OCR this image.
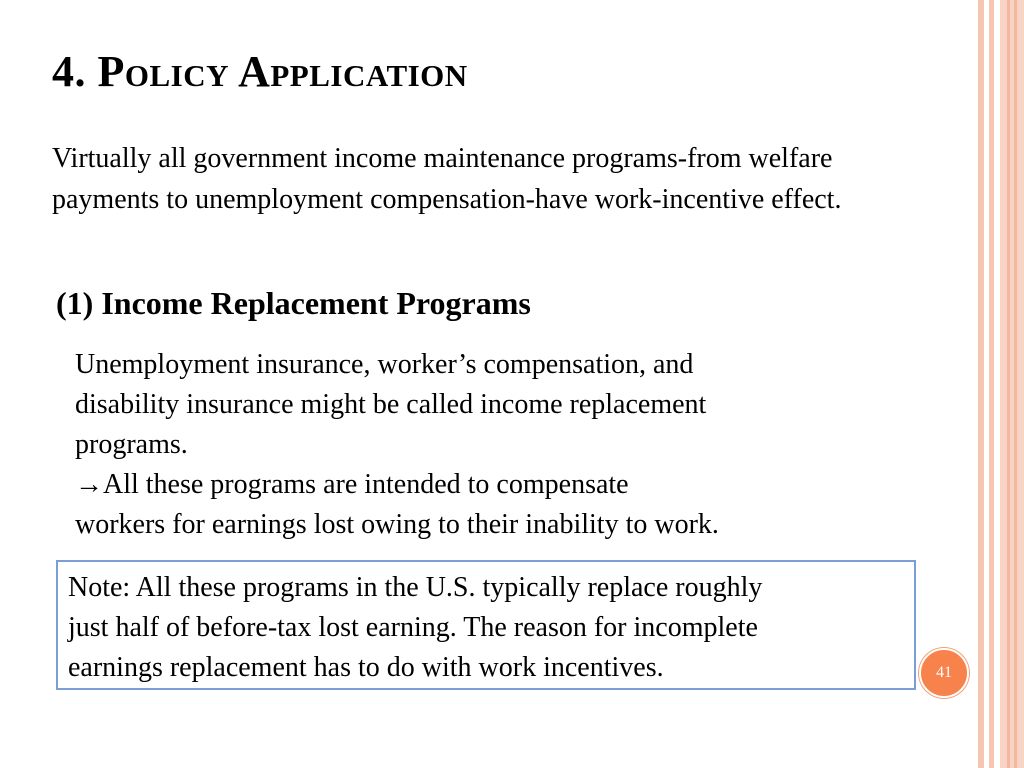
4. Policy Application

Virtually all government income maintenance programs-from welfare payments to unemployment compensation-have work-incentive effect.

(1) Income Replacement Programs
Unemployment insurance, worker’s compensation, and
disability insurance might be called income replacement
programs.
→All these programs are intended to compensate
workers for earnings lost owing to their inability to work.
Note: All these programs in the U.S. typically replace roughly
just half of before-tax lost earning. The reason for incomplete
earnings replacement has to do with work incentives.	41
